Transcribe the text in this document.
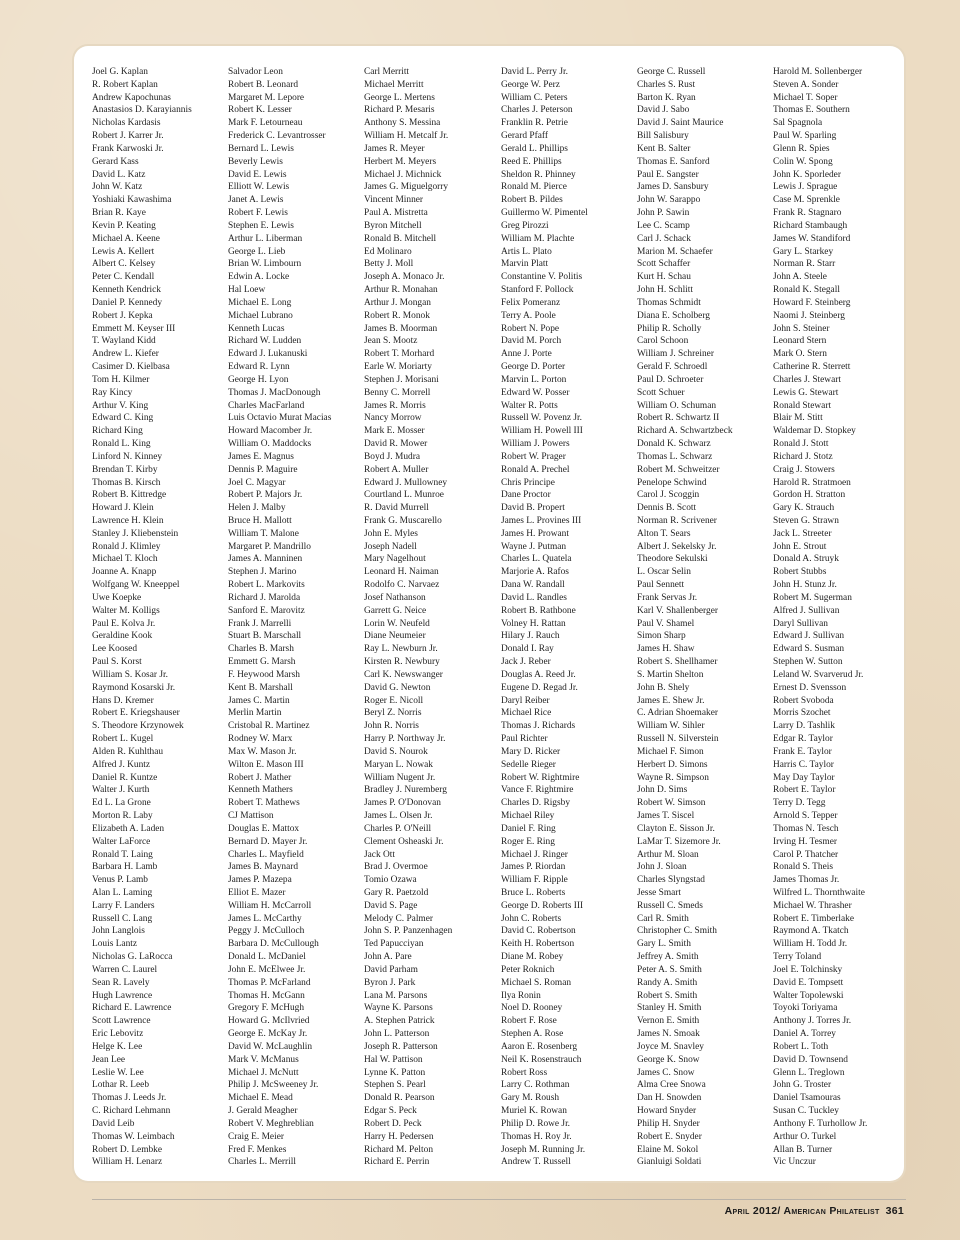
Joel G. Kaplan
R. Robert Kaplan
Andrew Kapochunas
Anastasios D. Karayiannis
Nicholas Kardasis
Robert J. Karrer Jr.
Frank Karwoski Jr.
Gerard Kass
David L. Katz
John W. Katz
Yoshiaki Kawashima
Brian R. Kaye
Kevin P. Keating
Michael A. Keene
Lewis A. Kellert
Albert C. Kelsey
Peter C. Kendall
Kenneth Kendrick
Daniel P. Kennedy
Robert J. Kepka
Emmett M. Keyser III
T. Wayland Kidd
Andrew L. Kiefer
Casimer D. Kielbasa
Tom H. Kilmer
Ray Kincy
Arthur V. King
Edward C. King
Richard King
Ronald L. King
Linford N. Kinney
Brendan T. Kirby
Thomas B. Kirsch
Robert B. Kittredge
Howard J. Klein
Lawrence H. Klein
Stanley J. Kliebenstein
Ronald J. Klimley
Michael T. Kloch
Joanne A. Knapp
Wolfgang W. Kneeppel
Uwe Koepke
Walter M. Kolligs
Paul E. Kolva Jr.
Geraldine Kook
Lee Koosed
Paul S. Korst
William S. Kosar Jr.
Raymond Kosarski Jr.
Hans D. Kremer
Robert E. Kriegshauser
S. Theodore Krzynowek
Robert L. Kugel
Alden R. Kuhlthau
Alfred J. Kuntz
Daniel R. Kuntze
Walter J. Kurth
Ed L. La Grone
Morton R. Laby
Elizabeth A. Laden
Walter LaForce
Ronald T. Laing
Barbara H. Lamb
Venus P. Lamb
Alan L. Laming
Larry F. Landers
Russell C. Lang
John Langlois
Louis Lantz
Nicholas G. LaRocca
Warren C. Laurel
Sean R. Lavely
Hugh Lawrence
Richard E. Lawrence
Scott Lawrence
Eric Lebovitz
Helge K. Lee
Jean Lee
Leslie W. Lee
Lothar R. Leeb
Thomas J. Leeds Jr.
C. Richard Lehmann
David Leib
Thomas W. Leimbach
Robert D. Lembke
William H. Lenarz
Salvador Leon
Robert B. Leonard
Margaret M. Lepore
Robert K. Lesser
Mark F. Letourneau
Frederick C. Levantrosser
Bernard L. Lewis
Beverly Lewis
David E. Lewis
Elliott W. Lewis
Janet A. Lewis
Robert F. Lewis
Stephen E. Lewis
Arthur L. Liberman
George L. Lieb
Brian W. Limbourn
Edwin A. Locke
Hal Loew
Michael E. Long
Michael Lubrano
Kenneth Lucas
Richard W. Ludden
Edward J. Lukanuski
Edward R. Lynn
George H. Lyon
Thomas J. MacDonough
Charles MacFarland
Luis Octavio Murat Macias
Howard Macomber Jr.
William O. Maddocks
James E. Magnus
Dennis P. Maguire
Joel C. Magyar
Robert P. Majors Jr.
Helen J. Malby
Bruce H. Mallott
William T. Malone
Margaret P. Mandrillo
James A. Manninen
Stephen J. Marino
Robert L. Markovits
Richard J. Marolda
Sanford E. Marovitz
Frank J. Marrelli
Stuart B. Marschall
Charles B. Marsh
Emmett G. Marsh
F. Heywood Marsh
Kent B. Marshall
James C. Martin
Merlin Martin
Cristobal R. Martinez
Rodney W. Marx
Max W. Mason Jr.
Wilton E. Mason III
Robert J. Mather
Kenneth Mathers
Robert T. Mathews
CJ Mattison
Douglas E. Mattox
Bernard D. Mayer Jr.
Charles L. Mayfield
James B. Maynard
James P. Mazepa
Elliot E. Mazer
William H. McCarroll
James L. McCarthy
Peggy J. McCulloch
Barbara D. McCullough
Donald L. McDaniel
John E. McElwee Jr.
Thomas P. McFarland
Thomas H. McGann
Gregory F. McHugh
Howard G. McIlvried
George E. McKay Jr.
David W. McLaughlin
Mark V. McManus
Michael J. McNutt
Philip J. McSweeney Jr.
Michael E. Mead
J. Gerald Meagher
Robert V. Meghreblian
Craig E. Meier
Fred F. Menkes
Charles L. Merrill
Carl Merritt
Michael Merritt
George L. Mertens
Richard P. Mesaris
Anthony S. Messina
William H. Metcalf Jr.
James R. Meyer
Herbert M. Meyers
Michael J. Michnick
James G. Miguelgorry
Vincent Minner
Paul A. Mistretta
Byron Mitchell
Ronald B. Mitchell
Ed Molinaro
Betty J. Moll
Joseph A. Monaco Jr.
Arthur R. Monahan
Arthur J. Mongan
Robert R. Monok
James B. Moorman
Jean S. Mootz
Robert T. Morhard
Earle W. Moriarty
Stephen J. Morisani
Benny C. Morrell
James R. Morris
Nancy Morrow
Mark E. Mosser
David R. Mower
Boyd J. Mudra
Robert A. Muller
Edward J. Mullowney
Courtland L. Munroe
R. David Murrell
Frank G. Muscarello
John E. Myles
Joseph Nadell
Mary Nagelhout
Leonard H. Naiman
Rodolfo C. Narvaez
Josef Nathanson
Garrett G. Neice
Lorin W. Neufeld
Diane Neumeier
Ray L. Newburn Jr.
Kirsten R. Newbury
Carl K. Newswanger
David G. Newton
Roger E. Nicoll
Beryl Z. Norris
John R. Norris
Harry P. Northway Jr.
David S. Nourok
Maryan L. Nowak
William Nugent Jr.
Bradley J. Nuremberg
James P. O'Donovan
James L. Olsen Jr.
Charles P. O'Neill
Clement Osheaski Jr.
Jack Ott
Brad J. Overmoe
Tomio Ozawa
Gary R. Paetzold
David S. Page
Melody C. Palmer
John S. P. Panzenhagen
Ted Papucciyan
John A. Pare
David Parham
Byron J. Park
Lana M. Parsons
Wayne K. Parsons
A. Stephen Patrick
John L. Patterson
Joseph R. Patterson
Hal W. Pattison
Lynne K. Patton
Stephen S. Pearl
Donald R. Pearson
Edgar S. Peck
Robert D. Peck
Harry H. Pedersen
Richard M. Pelton
Richard E. Perrin
David L. Perry Jr.
George W. Perz
William C. Peters
Charles J. Peterson
Franklin R. Petrie
Gerard Pfaff
Gerald L. Phillips
Reed E. Phillips
Sheldon R. Phinney
Ronald M. Pierce
Robert B. Pildes
Guillermo W. Pimentel
Greg Pirozzi
William M. Plachte
Artis L. Plato
Marvin Platt
Constantine V. Politis
Stanford F. Pollock
Felix Pomeranz
Terry A. Poole
Robert N. Pope
David M. Porch
Anne J. Porte
George D. Porter
Marvin L. Porton
Edward W. Posser
Walter R. Potts
Russell W. Povenz Jr.
William H. Powell III
William J. Powers
Robert W. Prager
Ronald A. Prechel
Chris Principe
Dane Proctor
David B. Propert
James L. Provines III
James H. Prowant
Wayne J. Putman
Charles L. Quatela
Marjorie A. Rafos
Dana W. Randall
David L. Randles
Robert B. Rathbone
Volney H. Rattan
Hilary J. Rauch
Donald I. Ray
Jack J. Reber
Douglas A. Reed Jr.
Eugene D. Regad Jr.
Daryl Reiber
Michael Rice
Thomas J. Richards
Paul Richter
Mary D. Ricker
Sedelle Rieger
Robert W. Rightmire
Vance F. Rightmire
Charles D. Rigsby
Michael Riley
Daniel F. Ring
Roger E. Ring
Michael J. Ringer
James P. Riordan
William F. Ripple
Bruce L. Roberts
George D. Roberts III
John C. Roberts
David C. Robertson
Keith H. Robertson
Diane M. Robey
Peter Roknich
Michael S. Roman
Ilya Ronin
Noel D. Rooney
Robert F. Rose
Stephen A. Rose
Aaron E. Rosenberg
Neil K. Rosenstrauch
Robert Ross
Larry C. Rothman
Gary M. Roush
Muriel K. Rowan
Philip D. Rowe Jr.
Thomas H. Roy Jr.
Joseph M. Running Jr.
Andrew T. Russell
George C. Russell
Charles S. Rust
Barton K. Ryan
David J. Sabo
David J. Saint Maurice
Bill Salisbury
Kent B. Salter
Thomas E. Sanford
Paul E. Sangster
James D. Sansbury
John W. Sarappo
John P. Sawin
Lee C. Scamp
Carl J. Schack
Marion M. Schaefer
Scott Schaffer
Kurt H. Schau
John H. Schlitt
Thomas Schmidt
Diana E. Scholberg
Philip R. Scholly
Carol Schoon
William J. Schreiner
Gerald F. Schroedl
Paul D. Schroeter
Scott Schuer
William O. Schuman
Robert R. Schwartz II
Richard A. Schwartzbeck
Donald K. Schwarz
Thomas L. Schwarz
Robert M. Schweitzer
Penelope Schwind
Carol J. Scoggin
Dennis B. Scott
Norman R. Scrivener
Alton T. Sears
Albert J. Sekelsky Jr.
Theodore Sekulski
L. Oscar Selin
Paul Sennett
Frank Servas Jr.
Karl V. Shallenberger
Paul V. Shamel
Simon Sharp
James H. Shaw
Robert S. Shellhamer
S. Martin Shelton
John B. Shely
James E. Shew Jr.
C. Adrian Shoemaker
William W. Sihler
Russell N. Silverstein
Michael F. Simon
Herbert D. Simons
Wayne R. Simpson
John D. Sims
Robert W. Simson
James T. Siscel
Clayton E. Sisson Jr.
LaMar T. Sizemore Jr.
Arthur M. Sloan
John J. Sloan
Charles Slyngstad
Jesse Smart
Russell C. Smeds
Carl R. Smith
Christopher C. Smith
Gary L. Smith
Jeffrey A. Smith
Peter A. S. Smith
Randy A. Smith
Robert S. Smith
Stanley H. Smith
Vernon E. Smith
James N. Smoak
Joyce M. Snavley
George K. Snow
James C. Snow
Alma Cree Snowa
Dan H. Snowden
Howard Snyder
Philip H. Snyder
Robert E. Snyder
Elaine M. Sokol
Gianluigi Soldati
Harold M. Sollenberger
Steven A. Sonder
Michael T. Soper
Thomas E. Southern
Sal Spagnola
Paul W. Sparling
Glenn R. Spies
Colin W. Spong
John K. Sporleder
Lewis J. Sprague
Case M. Sprenkle
Frank R. Stagnaro
Richard Stambaugh
James W. Standiford
Gary L. Starkey
Norman R. Starr
John A. Steele
Ronald K. Stegall
Howard F. Steinberg
Naomi J. Steinberg
John S. Steiner
Leonard Stern
Mark O. Stern
Catherine R. Sterrett
Charles J. Stewart
Lewis G. Stewart
Ronald Stewart
Blair M. Stitt
Waldemar D. Stopkey
Ronald J. Stott
Richard J. Stotz
Craig J. Stowers
Harold R. Stratmoen
Gordon H. Stratton
Gary K. Strauch
Steven G. Strawn
Jack L. Streeter
John E. Strout
Donald A. Struyk
Robert Stubbs
John H. Stunz Jr.
Robert M. Sugerman
Alfred J. Sullivan
Daryl Sullivan
Edward J. Sullivan
Edward S. Susman
Stephen W. Sutton
Leland W. Svarverud Jr.
Ernest D. Svensson
Robert Svoboda
Morris Szochet
Larry D. Tashlik
Edgar R. Taylor
Frank E. Taylor
Harris C. Taylor
May Day Taylor
Robert E. Taylor
Terry D. Tegg
Arnold S. Tepper
Thomas N. Tesch
Irving H. Tesmer
Carol P. Thatcher
Ronald S. Theis
James Thomas Jr.
Wilfred L. Thornthwaite
Michael W. Thrasher
Robert E. Timberlake
Raymond A. Tkatch
William H. Todd Jr.
Terry Toland
Joel E. Tolchinsky
David E. Tompsett
Walter Topolewski
Toyoki Toriyama
Anthony J. Torres Jr.
Daniel A. Torrey
Robert L. Toth
David D. Townsend
Glenn L. Treglown
John G. Troster
Daniel Tsamouras
Susan C. Tuckley
Anthony F. Turhollow Jr.
Arthur O. Turkel
Allan B. Turner
Vic Unczur
April 2012/ American Philatelist 361
